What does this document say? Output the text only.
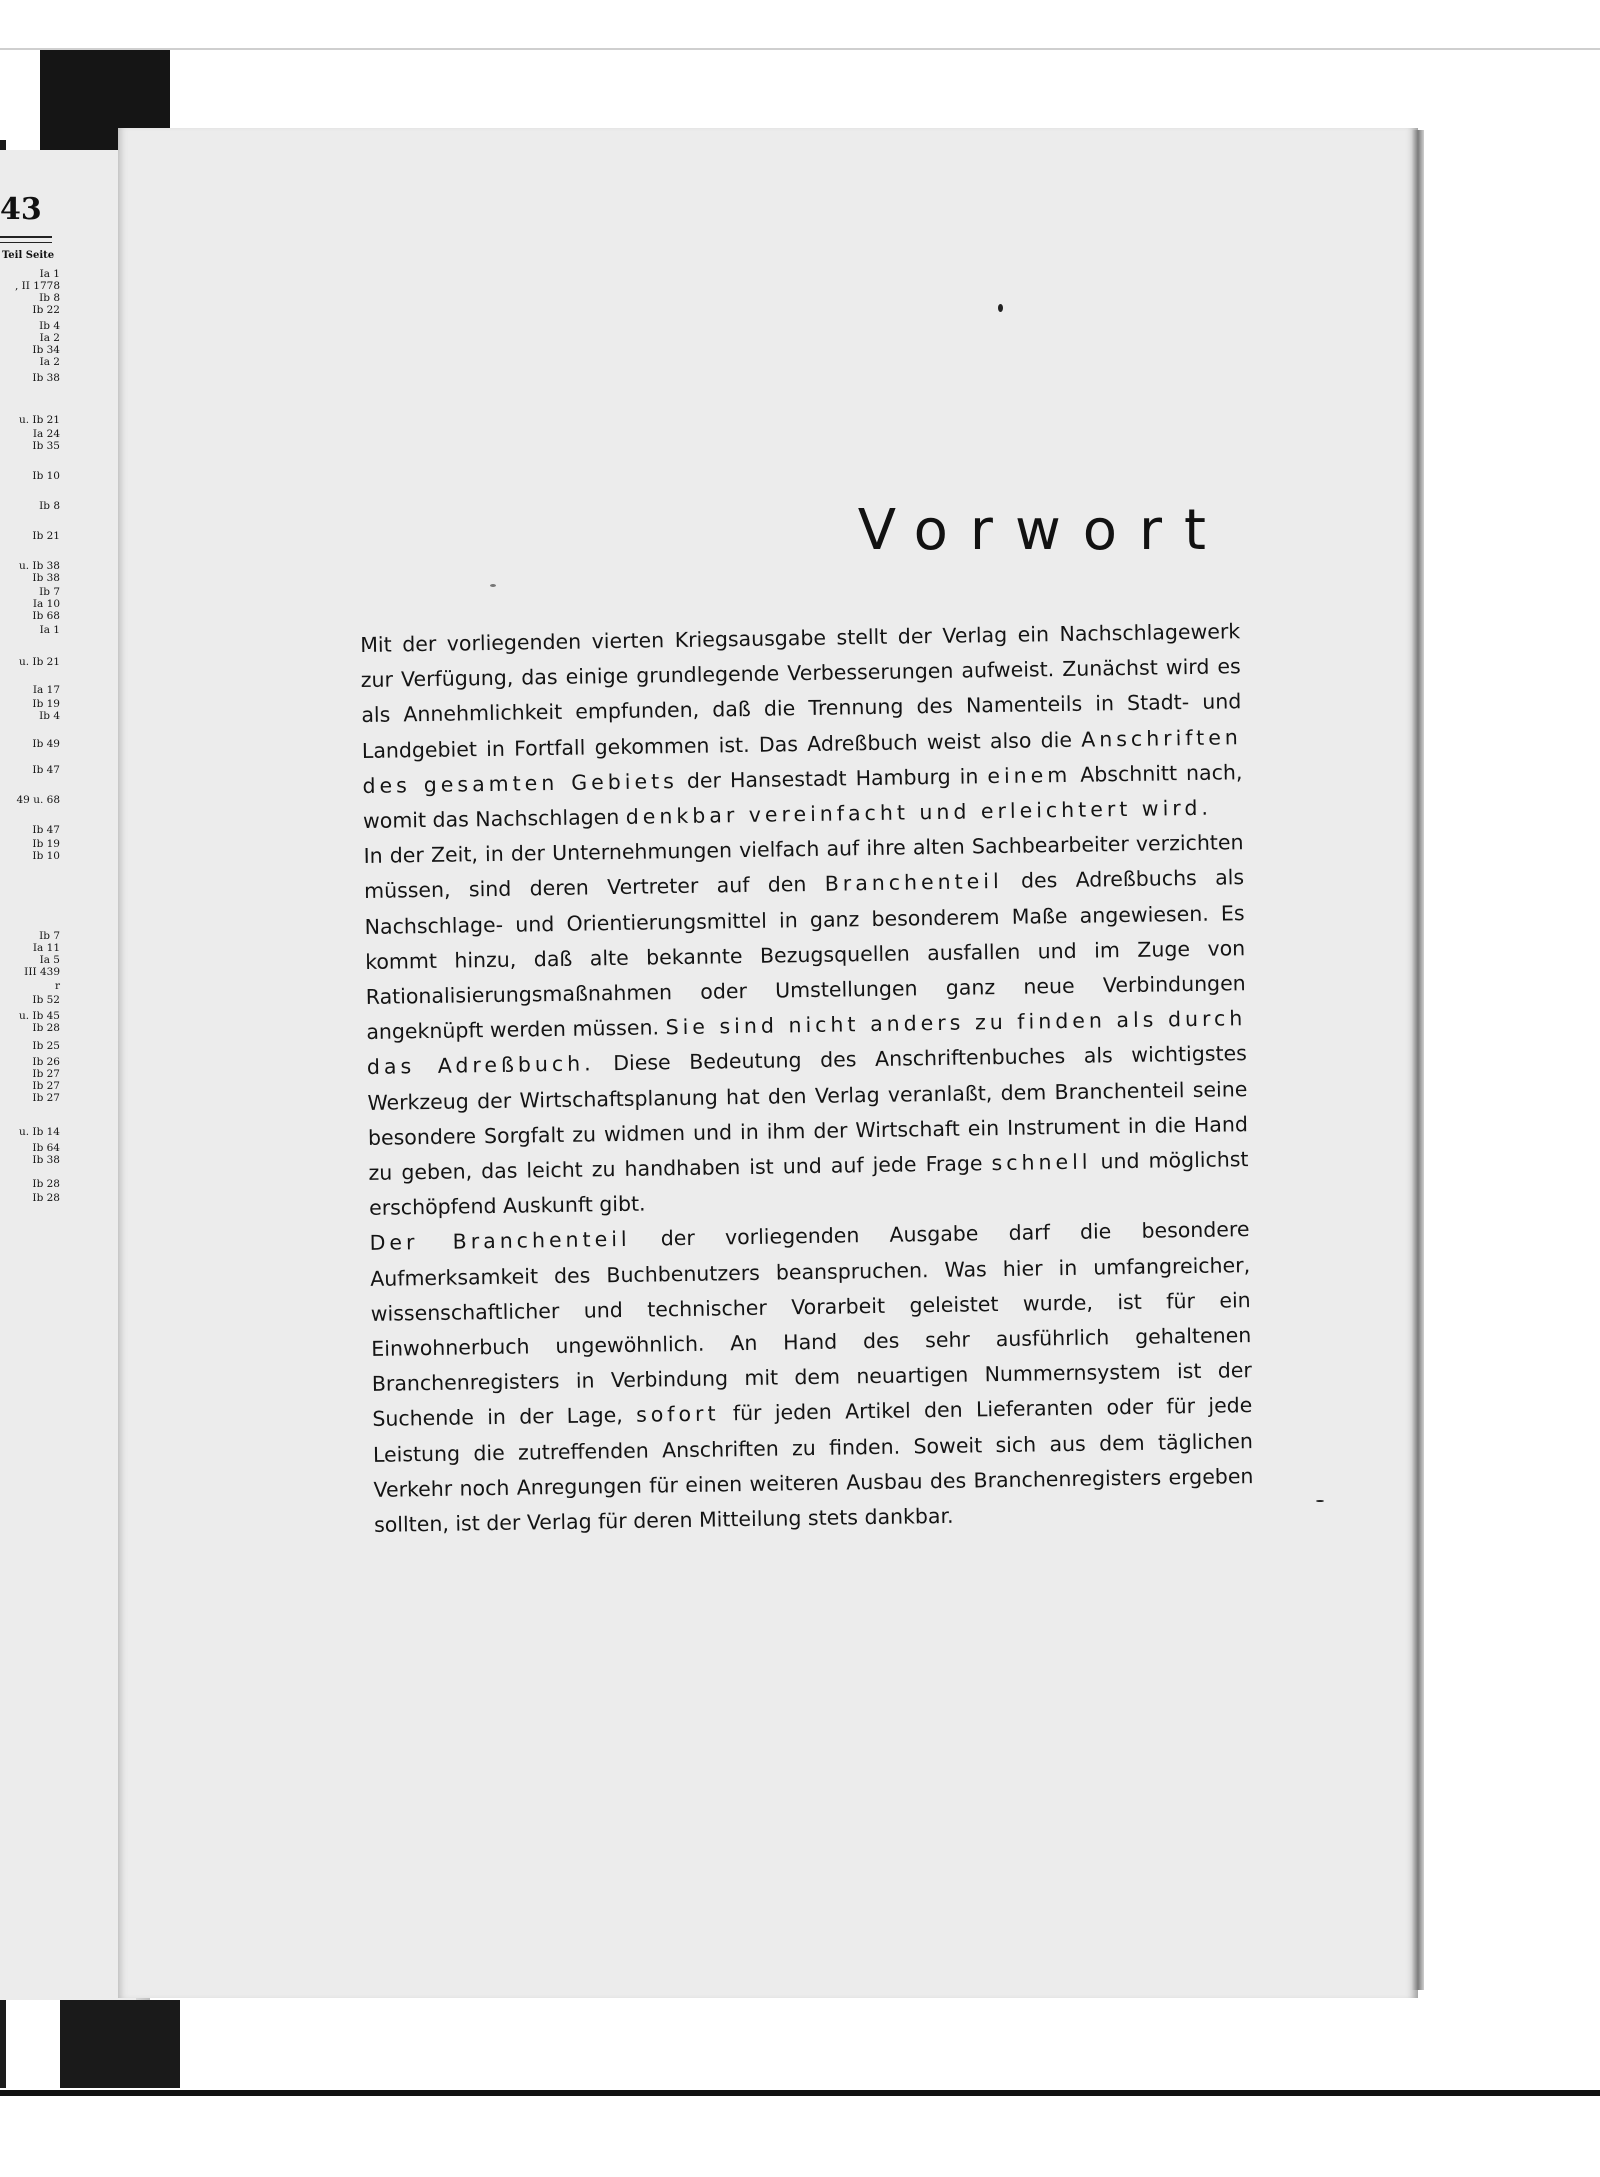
43
Teil Seite
Ia 1
, II 1778
Ib 8
Ib 22
Ib 4
Ia 2
Ib 34
Ia 2
Ib 38
u. Ib 21
Ia 24
Ib 35
Ib 10
Ib 8
Ib 21
u. Ib 38
Ib 38
Ib 7
Ia 10
Ib 68
Ia 1
u. Ib 21
Ia 17
Ib 19
Ib 4
Ib 49
Ib 47
49 u. 68
Ib 47
Ib 19
Ib 10
Ib 7
Ia 11
Ia 5
III 439
r
Ib 52
u. Ib 45
Ib 28
Ib 25
Ib 26
Ib 27
Ib 27
Ib 27
u. Ib 14
Ib 64
Ib 38
Ib 28
Ib 28
Vorwort

Mit der vorliegenden vierten Kriegsausgabe stellt der Verlag ein Nachschlagewerk zur Verfügung, das einige grundlegende Verbesserungen aufweist. Zunächst wird es als Annehmlichkeit empfunden, daß die Trennung des Namenteils in Stadt- und Landgebiet in Fortfall gekommen ist. Das Adreßbuch weist also die Anschriften des gesamten Gebiets der Hansestadt Hamburg in einem Abschnitt nach, womit das Nachschlagen denkbar vereinfacht und erleichtert wird.

In der Zeit, in der Unternehmungen vielfach auf ihre alten Sachbearbeiter verzichten müssen, sind deren Vertreter auf den Branchenteil des Adreßbuchs als Nachschlage- und Orientierungsmittel in ganz besonderem Maße angewiesen. Es kommt hinzu, daß alte bekannte Bezugsquellen ausfallen und im Zuge von Rationalisierungsmaßnahmen oder Umstellungen ganz neue Verbindungen angeknüpft werden müssen. Sie sind nicht anders zu finden als durch das Adreßbuch. Diese Bedeutung des Anschriftenbuches als wichtigstes Werkzeug der Wirtschaftsplanung hat den Verlag veranlaßt, dem Branchenteil seine besondere Sorgfalt zu widmen und in ihm der Wirtschaft ein Instrument in die Hand zu geben, das leicht zu handhaben ist und auf jede Frage schnell und möglichst erschöpfend Auskunft gibt.

Der Branchenteil der vorliegenden Ausgabe darf die besondere Aufmerksamkeit des Buchbenutzers beanspruchen. Was hier in umfangreicher, wissenschaftlicher und technischer Vorarbeit geleistet wurde, ist für ein Einwohnerbuch ungewöhnlich. An Hand des sehr ausführlich gehaltenen Branchenregisters in Verbindung mit dem neuartigen Nummernsystem ist der Suchende in der Lage, sofort für jeden Artikel den Lieferanten oder für jede Leistung die zutreffenden Anschriften zu finden. Soweit sich aus dem täglichen Verkehr noch Anregungen für einen weiteren Ausbau des Branchenregisters ergeben sollten, ist der Verlag für deren Mitteilung stets dankbar.
